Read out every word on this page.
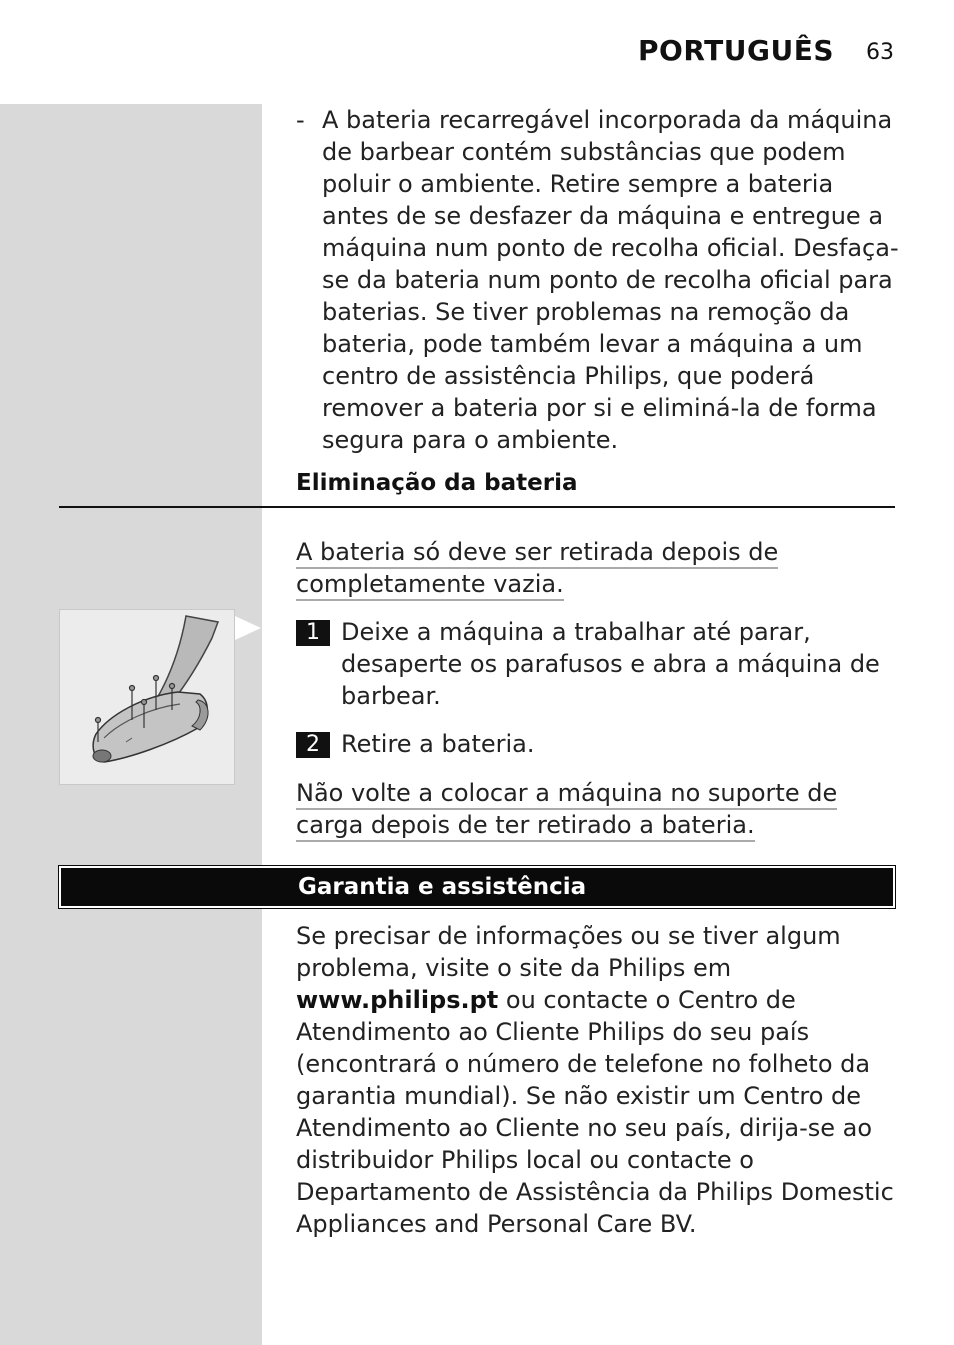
PORTUGUÊS 63
- A bateria recarregável incorporada da máquina de barbear contém substâncias que podem poluir o ambiente. Retire sempre a bateria antes de se desfazer da máquina e entregue a máquina num ponto de recolha oficial. Desfaça-se da bateria num ponto de recolha oficial para baterias. Se tiver problemas na remoção da bateria, pode também levar a máquina a um centro de assistência Philips, que poderá remover a bateria por si e eliminá-la de forma segura para o ambiente.
Eliminação da bateria
A bateria só deve ser retirada depois de completamente vazia.
1 Deixe a máquina a trabalhar até parar, desaperte os parafusos e abra a máquina de barbear.
2 Retire a bateria.
Não volte a colocar a máquina no suporte de carga depois de ter retirado a bateria.
Garantia e assistência
Se precisar de informações ou se tiver algum problema, visite o site da Philips em www.philips.pt ou contacte o Centro de Atendimento ao Cliente Philips do seu país (encontrará o número de telefone no folheto da garantia mundial). Se não existir um Centro de Atendimento ao Cliente no seu país, dirija-se ao distribuidor Philips local ou contacte o Departamento de Assistência da Philips Domestic Appliances and Personal Care BV.
